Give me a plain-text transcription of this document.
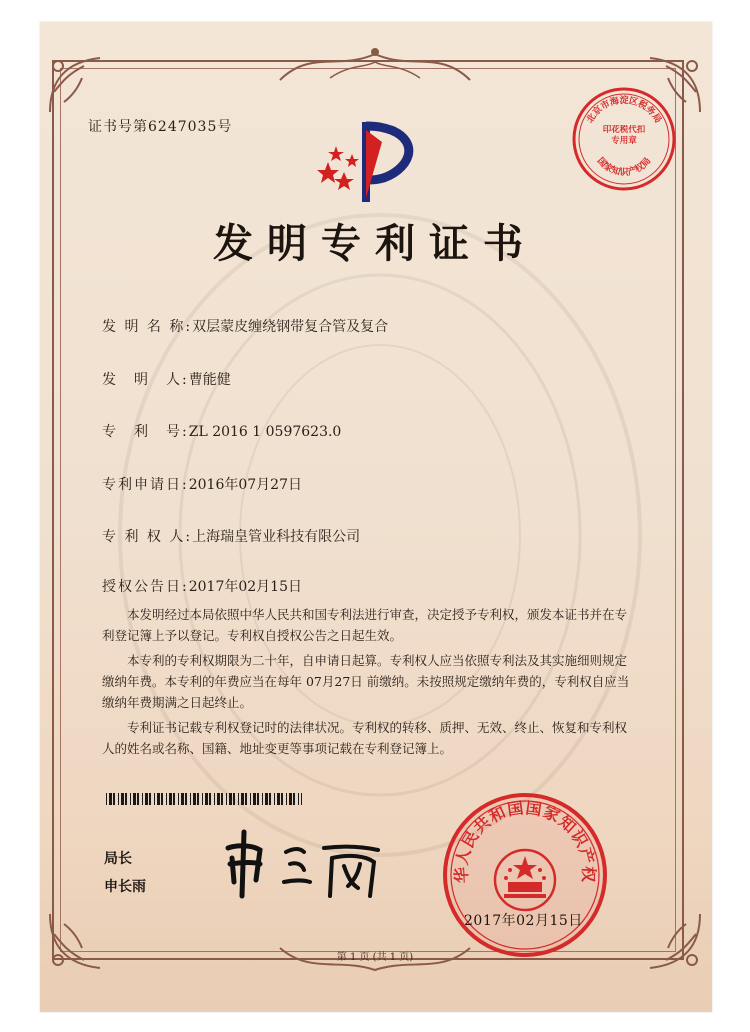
证书号第6247035号
发明专利证书
发 明 名 称:双层蒙皮缠绕钢带复合管及复合
发　明　人:曹能健
专　利　号:ZL 2016 1 0597623.0
专利申请日:2016年07月27日
专 利 权 人:上海瑞皇管业科技有限公司
授权公告日:2017年02月15日

本发明经过本局依照中华人民共和国专利法进行审查，决定授予专利权，颁发本证书并在专利登记簿上予以登记。专利权自授权公告之日起生效。

本专利的专利权期限为二十年，自申请日起算。专利权人应当依照专利法及其实施细则规定缴纳年费。本专利的年费应当在每年 07月27日 前缴纳。未按照规定缴纳年费的，专利权自应当缴纳年费期满之日起终止。

专利证书记载专利权登记时的法律状况。专利权的转移、质押、无效、终止、恢复和专利权人的姓名或名称、国籍、地址变更等事项记载在专利登记簿上。

局长
申长雨
北京市海淀区税务局
国家知识产权局
印花税代扣专用章
华人民共和国国家知识产权
2017年02月15日
第 1 页 (共 1 页)
